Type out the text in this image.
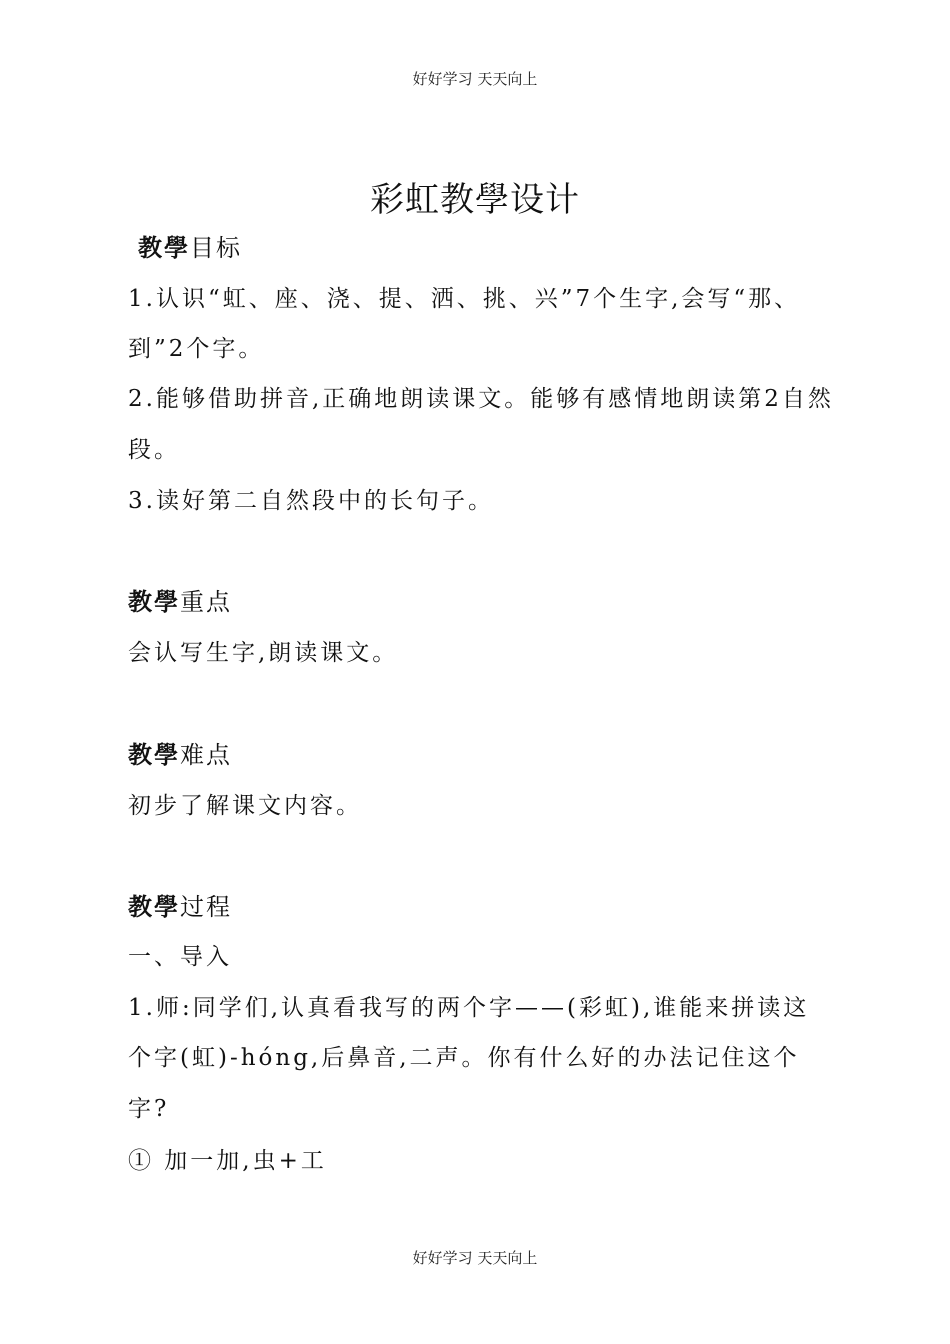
好好学习 天天向上
彩虹教學设计
教學目标
1.认识“虹、座、浇、提、洒、挑、兴”7个生字,会写“那、
到”2个字。
2.能够借助拼音,正确地朗读课文。能够有感情地朗读第2自然
段。
3.读好第二自然段中的长句子。
教學重点
会认写生字,朗读课文。
教學难点
初步了解课文内容。
教學过程
一、导入
1.师:同学们,认真看我写的两个字——(彩虹),谁能来拼读这
个字(虹)-hóng,后鼻音,二声。你有什么好的办法记住这个
字?
① 加一加,虫+工
好好学习 天天向上
